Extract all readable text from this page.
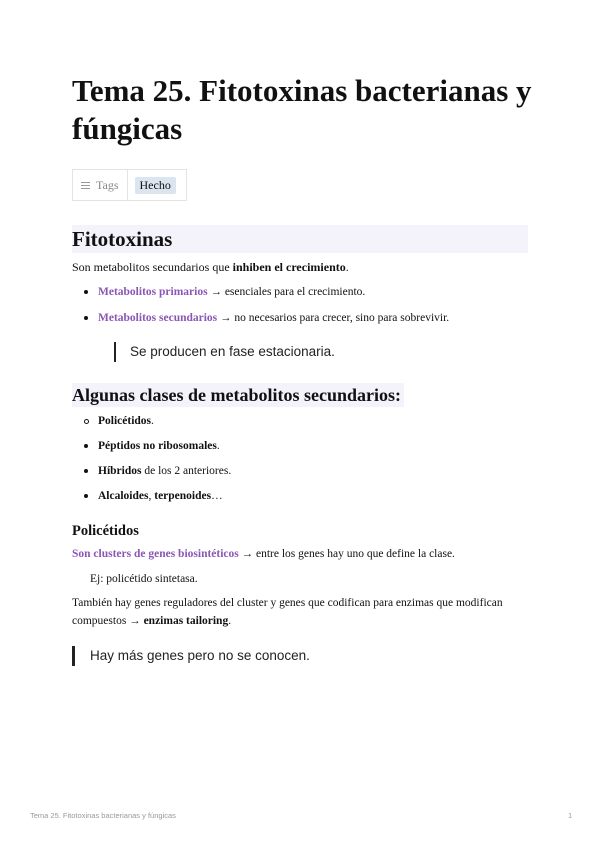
Tema 25. Fitotoxinas bacterianas y fúngicas
Tags	Hecho
Fitotoxinas

Son metabolitos secundarios que inhiben el crecimiento.

Metabolitos primarios → esenciales para el crecimiento.
Metabolitos secundarios → no necesarios para crecer, sino para sobrevivir.
Se producen en fase estacionaria.
Algunas clases de metabolitos secundarios:
Policétidos.
Péptidos no ribosomales.
Híbridos de los 2 anteriores.
Alcaloides, terpenoides…
Policétidos

Son clusters de genes biosintéticos → entre los genes hay uno que define la clase.

Ej: policétido sintetasa.

También hay genes reguladores del cluster y genes que codifican para enzimas que modifican compuestos → enzimas tailoring.

Hay más genes pero no se conocen.
Tema 25. Fitotoxinas bacterianas y fúngicas	1
